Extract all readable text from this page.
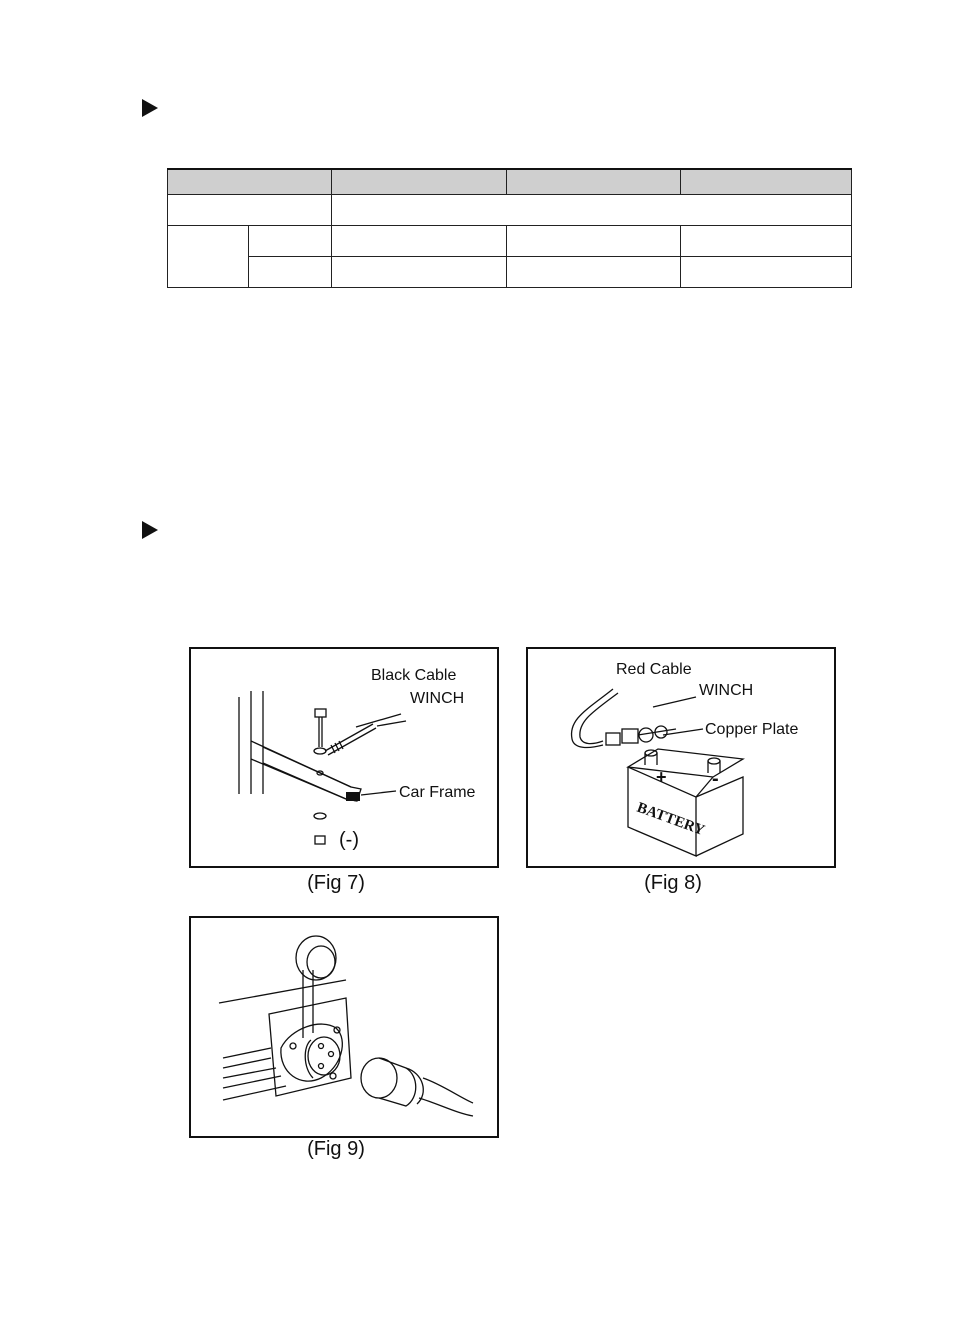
Black Cable
WINCH
Car Frame
(-)
(Fig 7)
Red Cable
WINCH
Copper Plate
BATTERY
+ -
(Fig 8)
(Fig 9)
